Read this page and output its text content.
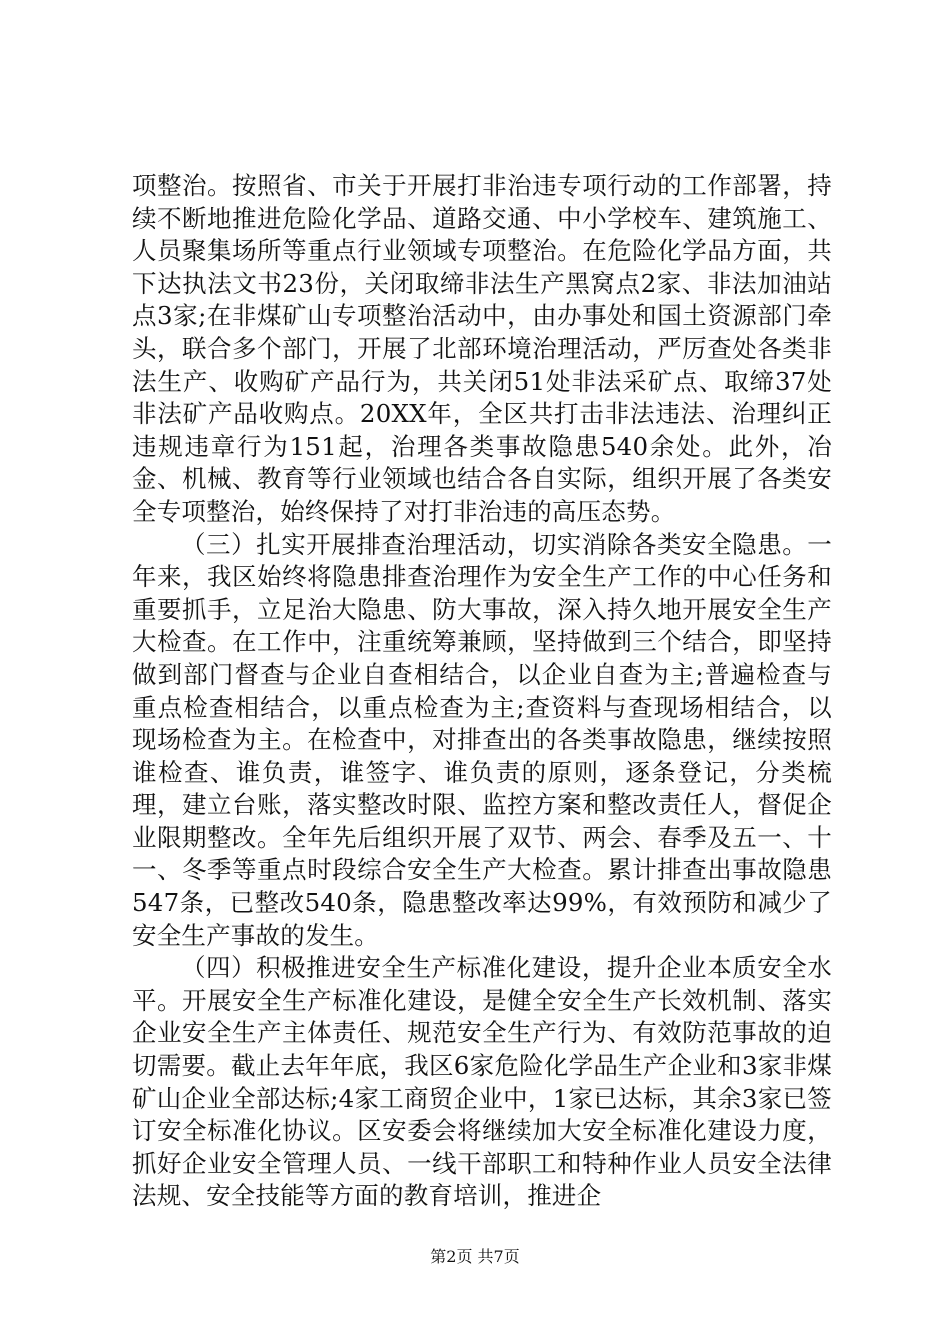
项整治。按照省、市关于开展打非治违专项行动的工作部署，持续不断地推进危险化学品、道路交通、中小学校车、建筑施工、人员聚集场所等重点行业领域专项整治。在危险化学品方面，共下达执法文书23份，关闭取缔非法生产黑窝点2家、非法加油站点3家;在非煤矿山专项整治活动中，由办事处和国土资源部门牵头，联合多个部门，开展了北部环境治理活动，严厉查处各类非法生产、收购矿产品行为，共关闭51处非法采矿点、取缔37处非法矿产品收购点。20XX年，全区共打击非法违法、治理纠正违规违章行为151起，治理各类事故隐患540余处。此外，冶金、机械、教育等行业领域也结合各自实际，组织开展了各类安全专项整治，始终保持了对打非治违的高压态势。

（三）扎实开展排查治理活动，切实消除各类安全隐患。一年来，我区始终将隐患排查治理作为安全生产工作的中心任务和重要抓手，立足治大隐患、防大事故，深入持久地开展安全生产大检查。在工作中，注重统筹兼顾，坚持做到三个结合，即坚持做到部门督查与企业自查相结合，以企业自查为主;普遍检查与重点检查相结合，以重点检查为主;查资料与查现场相结合，以现场检查为主。在检查中，对排查出的各类事故隐患，继续按照谁检查、谁负责，谁签字、谁负责的原则，逐条登记，分类梳理，建立台账，落实整改时限、监控方案和整改责任人，督促企业限期整改。全年先后组织开展了双节、两会、春季及五一、十一、冬季等重点时段综合安全生产大检查。累计排查出事故隐患547条，已整改540条，隐患整改率达99%，有效预防和减少了安全生产事故的发生。

（四）积极推进安全生产标准化建设，提升企业本质安全水平。开展安全生产标准化建设，是健全安全生产长效机制、落实企业安全生产主体责任、规范安全生产行为、有效防范事故的迫切需要。截止去年年底，我区6家危险化学品生产企业和3家非煤矿山企业全部达标;4家工商贸企业中，1家已达标，其余3家已签订安全标准化协议。区安委会将继续加大安全标准化建设力度，抓好企业安全管理人员、一线干部职工和特种作业人员安全法律法规、安全技能等方面的教育培训，推进企

第2页 共7页
